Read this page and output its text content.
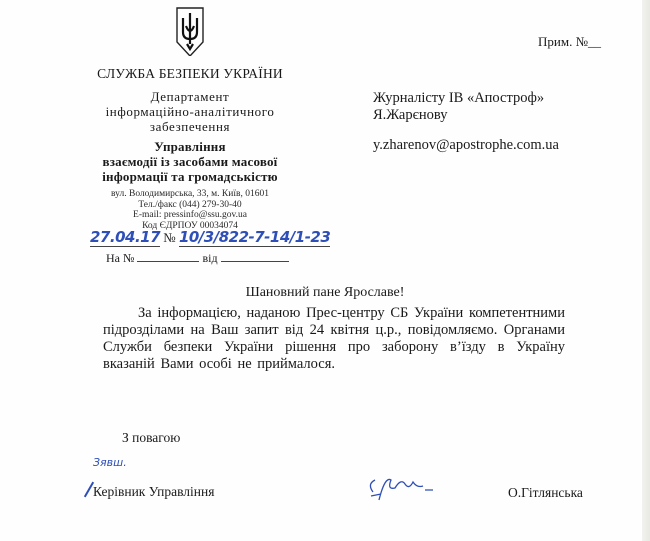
СЛУЖБА БЕЗПЕКИ УКРАЇНИ
Департамент
інформаційно-аналітичного
забезпечення
Управління
взаємодії із засобами масової
інформації та громадськістю
вул. Володимирська, 33, м. Київ, 01601
Тел./факс (044) 279-30-40
E-mail: pressinfo@ssu.gov.ua
Код ЄДРПОУ 00034074
27.04.17 № 10/3/822-7-14/1-23
На №	від
Прим. №__
Журналісту ІВ «Апостроф»
Я.Жарєнову
y.zharenov@apostrophe.com.ua
Шановний пане Ярославе!
За інформацією, наданою Прес-центру СБ України компетентними підрозділами на Ваш запит від 24 квітня ц.р., повідомляємо. Органами Служби безпеки України рішення про заборону в’їзду в Україну вказаній Вами особі не приймалося.
З повагою
Зявш.
Керівник Управління	О.Гітлянська
